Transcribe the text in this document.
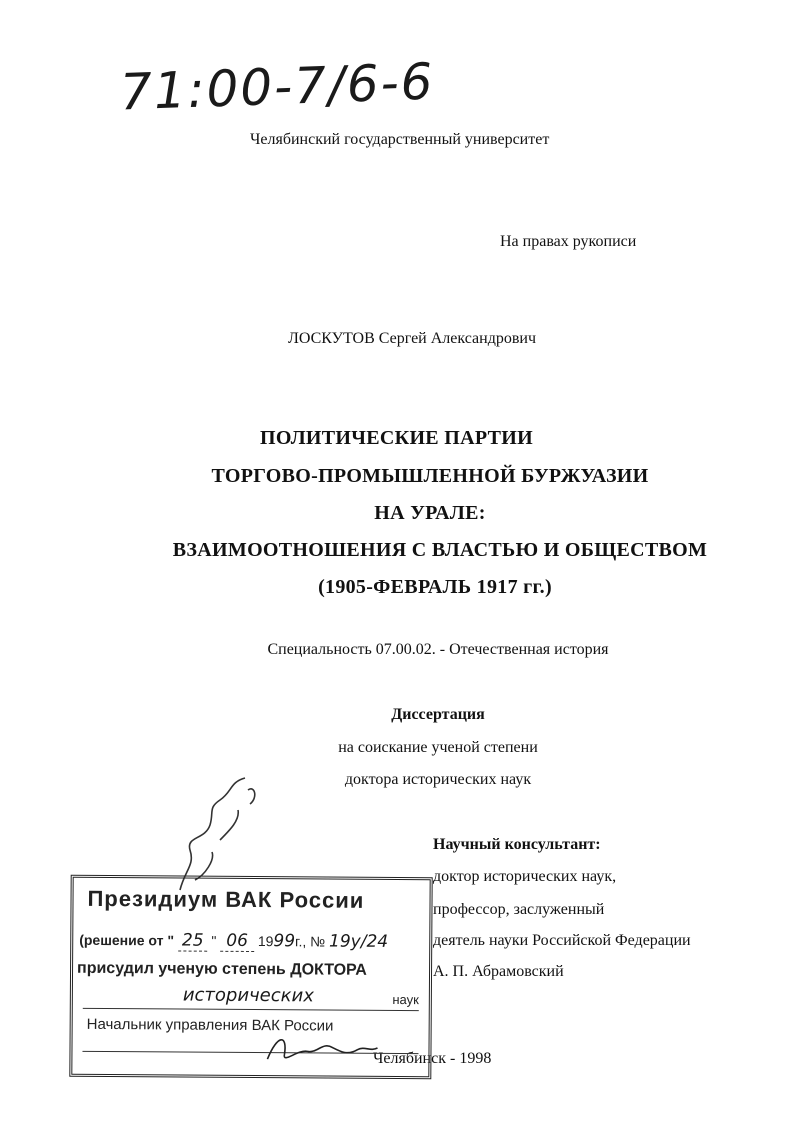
71:00-7/6-6
Челябинский государственный университет
На правах рукописи
ЛОСКУТОВ Сергей Александрович
ПОЛИТИЧЕСКИЕ ПАРТИИ
ТОРГОВО-ПРОМЫШЛЕННОЙ БУРЖУАЗИИ
НА УРАЛЕ:
ВЗАИМООТНОШЕНИЯ С ВЛАСТЬЮ И ОБЩЕСТВОМ
(1905-ФЕВРАЛЬ 1917 гг.)
Специальность 07.00.02. - Отечественная история
Диссертация
на соискание ученой степени
доктора исторических наук
Научный консультант:
доктор исторических наук,
профессор, заслуженный
деятель науки Российской Федерации
А. П. Абрамовский
Челябинск - 1998
Президиум ВАК России
(решение от " 25 " 06 1999г., № 19у/24
присудил ученую степень ДОКТОРА
исторических	наук
Начальник управления ВАК России
